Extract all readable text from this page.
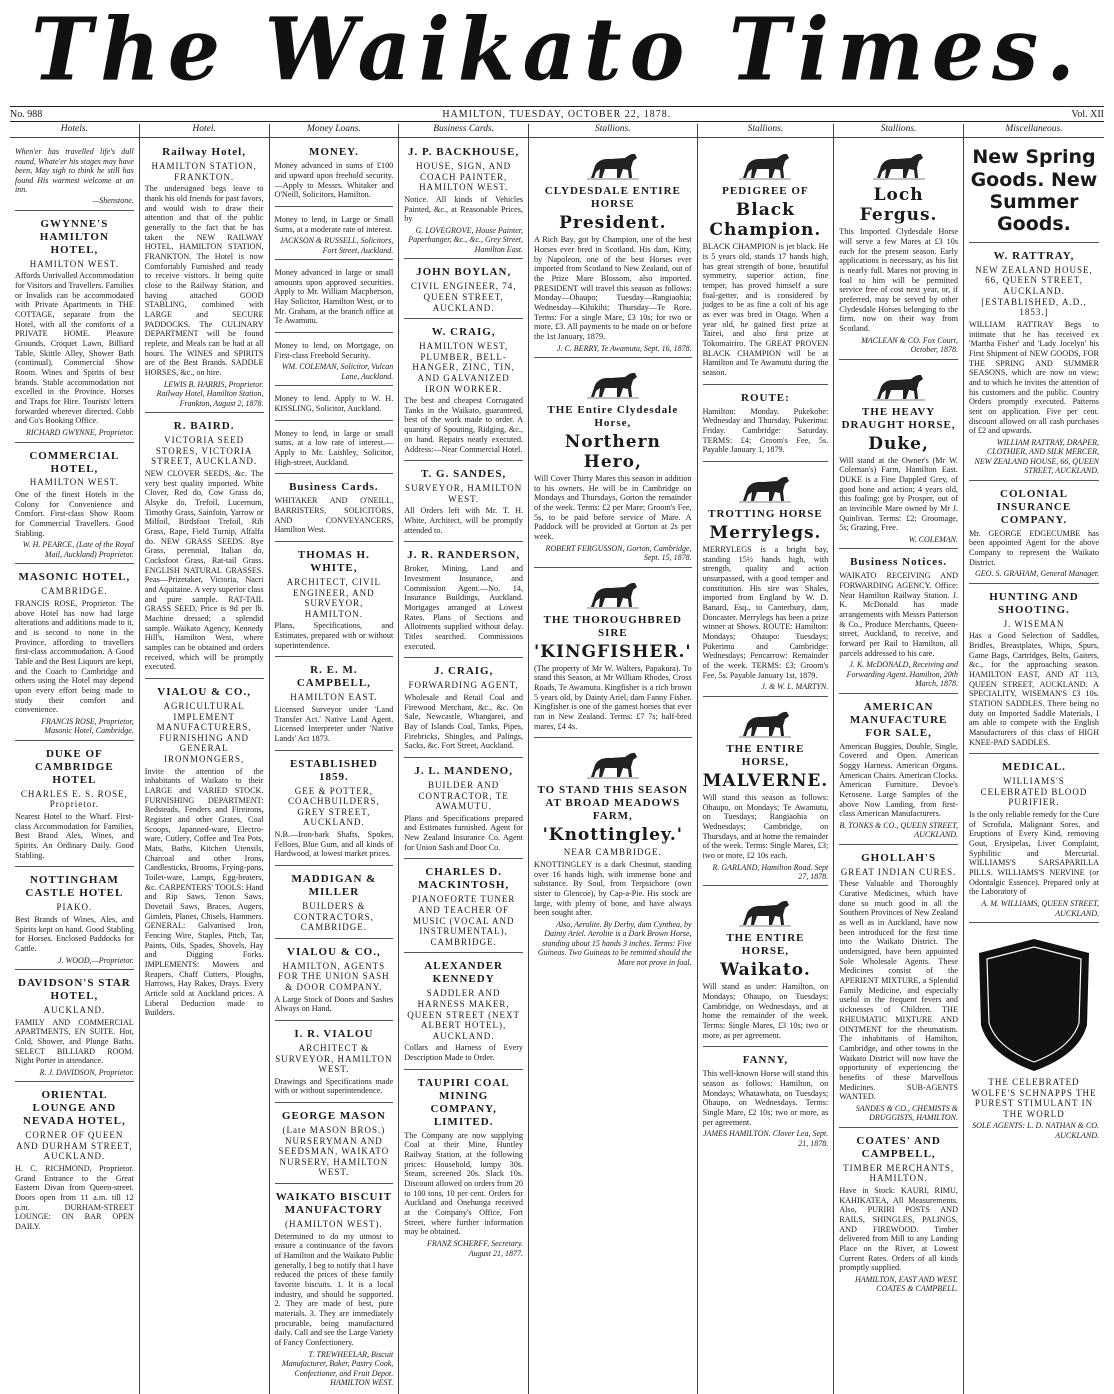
The Waikato Times.
No. 988	HAMILTON, TUESDAY, OCTOBER 22, 1878.	Vol. XII
Hotels.
When'er has travelled life's dull round, Whate'er his stages may have been, May sigh to think he still has found His warmest welcome at an inn.
—Shenstone.
GWYNNE'S HAMILTON HOTEL,
HAMILTON WEST.
Affords Unrivalled Accommodation for Visitors and Travellers. Families or Invalids can be accommodated with Private Apartments in THE COTTAGE, separate from the Hotel, with all the comforts of a PRIVATE HOME. Pleasure Grounds, Croquet Lawn, Billiard Table, Skittle Alley, Shower Bath (continual), Commercial Show Room. Wines and Spirits of best brands. Stable accommodation not excelled in the Province. Horses and Traps for Hire. Tourists' letters forwarded wherever directed. Cobb and Co's Booking Office.
RICHARD GWYNNE, Proprietor.
COMMERCIAL HOTEL,
HAMILTON WEST.
One of the finest Hotels in the Colony for Convenience and Comfort. First-class Show Room for Commercial Travellers. Good Stabling.
W. H. PEARCE, (Late of the Royal Mail, Auckland) Proprietor.
MASONIC HOTEL,
CAMBRIDGE.
FRANCIS ROSE, Proprietor. The above Hotel has now had large alterations and additions made to it, and is second to none in the Province, affording to travellers first-class accommodation. A Good Table and the Best Liquors are kept, and the Coach to Cambridge and others using the Hotel may depend upon every effort being made to study their comfort and convenience.
FRANCIS ROSE, Proprietor, Masonic Hotel, Cambridge.
DUKE OF CAMBRIDGE HOTEL
CHARLES E. S. ROSE, Proprietor.
Nearest Hotel to the Wharf. First-class Accommodation for Families, Best Brand Ales, Wines, and Spirits. An Ordinary Daily. Good Stabling.
NOTTINGHAM CASTLE HOTEL
PIAKO.
Best Brands of Wines, Ales, and Spirits kept on hand. Good Stabling for Horses. Enclosed Paddocks for Cattle.
J. WOOD,—Proprietor.
DAVIDSON'S STAR HOTEL,
AUCKLAND.
FAMILY AND COMMERCIAL APARTMENTS, EN SUITE. Hot, Cold, Shower, and Plunge Baths. SELECT BILLIARD ROOM. Night Porter in attendance.
R. J. DAVIDSON, Proprietor.
ORIENTAL LOUNGE AND NEVADA HOTEL,
CORNER OF QUEEN AND DURHAM STREET, AUCKLAND.
H. C. RICHMOND, Proprietor. Grand Entrance to the Great Eastern Divan from Queen-street. Doors open from 11 a.m. till 12 p.m. DURHAM-STREET LOUNGE: ON BAR OPEN DAILY.
Hotel.
Railway Hotel,
HAMILTON STATION, FRANKTON.
The undersigned begs leave to thank his old friends for past favors, and would wish to draw their attention and that of the public generally to the fact that he has taken the NEW RAILWAY HOTEL, HAMILTON STATION, FRANKTON. The Hotel is now Comfortably Furnished and ready to receive visitors. It being quite close to the Railway Station, and having attached GOOD STABLING, combined with LARGE and SECURE PADDOCKS. The CULINARY DEPARTMENT will be found replete, and Meals can be had at all hours. The WINES and SPIRITS are of the Best Brands. SADDLE HORSES, &c., on hire.
LEWIS B. HARRIS, Proprietor. Railway Hotel, Hamilton Station, Frankton, August 2, 1878.
R. BAIRD.
VICTORIA SEED STORES, VICTORIA STREET, AUCKLAND.
NEW CLOVER SEEDS, &c. The very best quality imported. White Clover, Red do, Cow Grass do, Alsyke do, Trefoil, Lucernum, Timothy Grass, Sainfoin, Yarrow or Milfoil, Birdsfoot Trefoil, Rib Grass, Rape, Field Turnip, Alfalfa do. NEW GRASS SEEDS. Rye Grass, perennial, Italian do, Cocksfoot Grass, Rat-tail Grass. ENGLISH NATURAL GRASSES. Peas—Prizetaker, Victoria, Nacri and Aquitaine. A very superior class and pure sample. RAT-TAIL GRASS SEED, Price is 9d per lb. Machine dressed; a splendid sample. Waikato Agency, Kennedy Hill's, Hamilton West, where samples can be obtained and orders received, which will be promptly executed.
VIALOU & CO.,
AGRICULTURAL IMPLEMENT MANUFACTURERS, FURNISHING AND GENERAL IRONMONGERS,
Invite the attention of the inhabitants of Waikato to their LARGE and VARIED STOCK. FURNISHING DEPARTMENT: Bedsteads, Fenders and Fireirons, Register and other Grates, Coal Scoops, Japanned-ware, Electro-ware, Cutlery, Coffee and Tea Pots, Mats, Baths, Kitchen Utensils, Charcoal and other Irons, Candlesticks, Brooms, Frying-pans, Toilet-ware, Lamps, Egg-beaters, &c. CARPENTERS' TOOLS: Hand and Rip Saws, Tenon Saws, Dovetail Saws, Braces, Augers, Gimlets, Planes, Chisels, Hammers. GENERAL: Galvanised Iron, Fencing Wire, Staples, Pitch, Tar, Paints, Oils, Spades, Shovels, Hay and Digging Forks. IMPLEMENTS: Mowers and Reapers, Chaff Cutters, Ploughs, Harrows, Hay Rakes, Drays. Every Article sold at Auckland prices. A Liberal Deduction made to Builders.
Money Loans.
MONEY.
Money advanced in sums of £100 and upward upon freehold security.—Apply to Messrs. Whitaker and O'Neill, Solicitors, Hamilton.
Money to lend, in Large or Small Sums, at a moderate rate of interest.
JACKSON & RUSSELL, Solicitors, Fort Street, Auckland.
Money advanced in large or small amounts upon approved securities. Apply to Mr. William Macpherson, Hay Solicitor, Hamilton West, or to Mr. Graham, at the branch office at Te Awamutu.
Money to lend, on Mortgage, on First-class Freehold Security.
WM. COLEMAN, Solicitor, Vulcan Lane, Auckland.
Money to lend. Apply to W. H. KISSLING, Solicitor, Auckland.
Money to lend, in large or small sums, at a low rate of interest.—Apply to Mr. Laishley, Solicitor, High-street, Auckland.
Business Cards.
WHITAKER AND O'NEILL, BARRISTERS, SOLICITORS, AND CONVEYANCERS, Hamilton West.
THOMAS H. WHITE,
ARCHITECT, CIVIL ENGINEER, AND SURVEYOR, HAMILTON.
Plans, Specifications, and Estimates, prepared with or without superintendence.
R. E. M. CAMPBELL,
HAMILTON EAST.
Licensed Surveyor under 'Land Transfer Act.' Native Land Agent. Licensed Interpreter under 'Native Lands' Act 1873.
ESTABLISHED 1859.
GEE & POTTER, COACHBUILDERS, GREY STREET, AUCKLAND.
N.B.—Iron-bark Shafts, Spokes, Felloes, Blue Gum, and all kinds of Hardwood, at lowest market prices.
MADDIGAN & MILLER
BUILDERS & CONTRACTORS, CAMBRIDGE.
VIALOU & CO.,
HAMILTON, AGENTS FOR THE UNION SASH & DOOR COMPANY.
A Large Stock of Doors and Sashes Always on Hand.
I. R. VIALOU
ARCHITECT & SURVEYOR, HAMILTON WEST.
Drawings and Specifications made with or without superintendence.
GEORGE MASON
(Late MASON BROS.) NURSERYMAN AND SEEDSMAN, WAIKATO NURSERY, HAMILTON WEST.
WAIKATO BISCUIT MANUFACTORY
(HAMILTON WEST).
Determined to do my utmost to ensure a continuance of the favors of Hamilton and the Waikato Public generally, I beg to notify that I have reduced the prices of these family favorite biscuits. 1. It is a local industry, and should be supported. 2. They are made of best, pure materials. 3. They are immediately procurable, being manufactured daily. Call and see the Large Variety of Fancy Confectionery.
T. TREWHEELAR, Biscuit Manufacturer, Baker, Pastry Cook, Confectioner, and Fruit Depot. HAMILTON WEST.
Business Cards.
J. P. BACKHOUSE,
HOUSE, SIGN, AND COACH PAINTER, HAMILTON WEST.
Notice. All kinds of Vehicles Painted, &c., at Reasonable Prices, by
G. LOVEGROVE, House Painter, Paperhanger, &c., &c., Grey Street, Hamilton East.
JOHN BOYLAN,
CIVIL ENGINEER, 74, QUEEN STREET, AUCKLAND.
W. CRAIG,
HAMILTON WEST, PLUMBER, BELL-HANGER, ZINC, TIN, AND GALVANIZED IRON WORKER.
The best and cheapest Corrugated Tanks in the Waikato, guaranteed, best of the work made to order. A quantity of Spouting, Ridging, &c., on hand. Repairs neatly executed. Address:—Near Commercial Hotel.
T. G. SANDES,
SURVEYOR, HAMILTON WEST.
All Orders left with Mr. T. H. White, Architect, will be promptly attended to.
J. R. RANDERSON,
Broker, Mining, Land and Investment Insurance, and Commission Agent.—No. 14, Insurance Buildings, Auckland. Mortgages arranged at Lowest Rates. Plans of Sections and Allotments supplied without delay. Titles searched. Commissions executed.
J. CRAIG,
FORWARDING AGENT,
Wholesale and Retail Coal and Firewood Merchant, &c., &c. On Sale, Newcastle, Whangarei, and Bay of Islands Coal, Tanks, Pipes, Firebricks, Shingles, and Palings, Sacks, &c. Fort Street, Auckland.
J. L. MANDENO,
BUILDER AND CONTRACTOR, TE AWAMUTU.
Plans and Specifications prepared and Estimates furnished. Agent for New Zealand Insurance Co. Agent for Union Sash and Door Co.
CHARLES D. MACKINTOSH,
PIANOFORTE TUNER AND TEACHER OF MUSIC (VOCAL AND INSTRUMENTAL), CAMBRIDGE.
ALEXANDER KENNEDY
SADDLER AND HARNESS MAKER, QUEEN STREET (NEXT ALBERT HOTEL), AUCKLAND.
Collars and Harness of Every Description Made to Order.
TAUPIRI COAL MINING COMPANY, LIMITED.
The Company are now supplying Coal at their Mine, Huntley Railway Station, at the following prices: Household, lumpy 30s. Steam, screened 20s. Slack 10s. Discount allowed on orders from 20 to 100 tons, 10 per cent. Orders for Auckland and Onehunga received at the Company's Office, Fort Street, where further information may be obtained.
FRANZ SCHERFF, Secretary. August 21, 1877.
Stallions.
CLYDESDALE ENTIRE HORSE
President.
A Rich Bay, got by Champion, one of the best Horses ever bred in Scotland. His dam, Kitty, by Napoleon, one of the best Horses ever imported from Scotland to New Zealand, out of the Prize Mare Blossom, also imported. PRESIDENT will travel this season as follows: Monday—Ohaupo; Tuesday—Rangiaohia; Wednesday—Kihikihi; Thursday—Te Rore. Terms: For a single Mare, £3 10s; for two or more, £3. All payments to be made on or before the 1st January, 1879.
J. C. BERRY, Te Awamutu, Sept. 16, 1878.
THE Entire Clydesdale Horse,
Northern Hero,
Will Cover Thirty Mares this season in addition to his owners. He will be in Cambridge on Mondays and Thursdays, Gorton the remainder of the week. Terms: £2 per Mare; Groom's Fee, 5s, to be paid before service of Mare. A Paddock will be provided at Gorton at 2s per week.
ROBERT FERGUSSON, Gorton, Cambridge, Sept. 15, 1878.
THE THOROUGHBRED SIRE
'KINGFISHER.'
(The property of Mr W. Walters, Papakura). To stand this Season, at Mr William Rhodes, Cross Roads, Te Awamutu. Kingfisher is a rich brown 5 years old, by Dainty Ariel, dam Fanny Fisher. Kingfisher is one of the gamest horses that ever ran in New Zealand. Terms: £7 7s; half-bred mares, £4 4s.
TO STAND THIS SEASON AT BROAD MEADOWS FARM,
'Knottingley.'
NEAR CAMBRIDGE.
KNOTTINGLEY is a dark Chestnut, standing over 16 hands high, with immense bone and substance. By Soul, from Terpsichore (own sister to Glencoe), by Cap-a-Pie. His stock are large, with plenty of bone, and have always been sought after.
Also, Aerolite. By Derby, dam Cynthea, by Dainty Ariel. Aerolite is a Dark Brown Horse, standing about 15 hands 3 inches. Terms: Five Guineas. Two Guineas to be remitted should the Mare not prove in foal.
Stallions.
PEDIGREE OF
Black Champion.
BLACK CHAMPION is jet black. He is 5 years old, stands 17 hands high, has great strength of bone, beautiful symmetry, superior action, fine temper, has proved himself a sure foal-getter, and is considered by judges to be as fine a colt of his age as ever was bred in Otago. When a year old, he gained first prize at Tairei, and also first prize at Tokomairiro. The GREAT PROVEN BLACK CHAMPION will be at Hamilton and Te Awamutu during the season.
ROUTE:
Hamilton: Monday. Pukekohe: Wednesday and Thursday. Pukerimu: Friday. Cambridge: Saturday. TERMS: £4; Groom's Fee, 5s. Payable January 1, 1879.
TROTTING HORSE
Merrylegs.
MERRYLEGS is a bright bay, standing 15½ hands high, with strength, quality and action unsurpassed, with a good temper and constitution. His sire was Shales, imported from England by W. D. Banard, Esq., to Canterbury, dam, Doncaster. Merrylegs has been a prize winner at Shows. ROUTE: Hamilton: Mondays; Ohaupo: Tuesdays; Pukerimu and Cambridge: Wednesdays; Pencarrow: Remainder of the week. TERMS: £3; Groom's Fee, 5s. Payable January 1st, 1879.
J. & W. L. MARTYN.
THE ENTIRE HORSE,
MALVERNE.
Will stand this season as follows: Ohaupo, on Mondays; Te Awamutu, on Tuesdays; Rangiaohia on Wednesdays; Cambridge, on Thursdays, and at home the remainder of the week. Terms: Single Mares, £3; two or more, £2 10s each.
R. GARLAND, Hamilton Road. Sept 27, 1878.
THE ENTIRE HORSE,
Waikato.
Will stand as under: Hamilton, on Mondays; Ohaupo, on Tuesdays; Cambridge, on Wednesdays, and at home the remainder of the week. Terms: Single Mares, £3 10s; two or more, as per agreement.
FANNY,
This well-known Horse will stand this season as follows: Hamilton, on Mondays; Whatawhata, on Tuesdays; Ohaupo, on Wednesdays. Terms: Single Mare, £2 10s; two or more, as per agreement.
JAMES HAMILTON. Clover Lea, Sept. 21, 1878.
Stallions.
Loch Fergus.
This Imported Clydesdale Horse will serve a few Mares at £3 10s each for the present season. Early applications is necessary, as his list is nearly full. Mares not proving in foal to him will be permitted service free of cost next year, or, if preferred, may be served by other Clydesdale Horses belonging to the firm, now on their way from Scotland.
MACLEAN & CO. Fox Court, October, 1878.
THE HEAVY DRAUGHT HORSE,
Duke,
Will stand at the Owner's (Mr W. Coleman's) Farm, Hamilton East. DUKE is a Fine Dappled Grey, of good bone and action; 4 years old, this foaling; got by Prosper, out of an invincible Mare owned by Mr J. Quinlivan. Terms: £2; Groomage, 5s; Grazing, Free.
W. COLEMAN.
Business Notices.
WAIKATO RECEIVING AND FORWARDING AGENCY. Office: Near Hamilton Railway Station. J. K. McDonald has made arrangements with Messrs Patterson & Co., Produce Merchants, Queen-street, Auckland, to receive, and forward per Rail to Hamilton, all parcels addressed to his care.
J. K. McDONALD, Receiving and Forwarding Agent. Hamilton, 20th March, 1878.
AMERICAN MANUFACTURE FOR SALE,
American Buggies, Double, Single, Covered and Open. American Soggy Harness. American Organs. American Chairs. American Clocks. American Furniture. Devoe's Kerosene. Large Samples of the above Now Landing, from first-class American Manufacturers.
B. TONKS & CO., QUEEN STREET, AUCKLAND.
GHOLLAH'S
GREAT INDIAN CURES.
These Valuable and Thoroughly Curative Medicines, which have done so much good in all the Southern Provinces of New Zealand as well as in Auckland, have now been introduced for the first time into the Waikato District. The undersigned, have been appointed Sole Wholesale Agents. These Medicines consist of the APERIENT MIXTURE, a Splendid Family Medicine, and especially useful in the frequent fevers and sicknesses of Children. THE RHEUMATIC MIXTURE AND OINTMENT for the rheumatism. The inhabitants of Hamilton, Cambridge, and other towns in the Waikato District will now have the opportunity of experiencing the benefits of these Marvellous Medicines. SUB-AGENTS WANTED.
SANDES & CO., CHEMISTS & DRUGGISTS, HAMILTON.
COATES' AND CAMPBELL,
TIMBER MERCHANTS, HAMILTON.
Have in Stock: KAURI, RIMU, KAHIKATEA, All Measurements. Also, PURIRI POSTS AND RAILS, SHINGLES, PALINGS, AND FIREWOOD. Timber delivered from Mill to any Landing Place on the River, at Lowest Current Rates. Orders of all kinds promptly supplied.
HAMILTON, EAST AND WEST. COATES & CAMPBELL.
Miscellaneous.
New Spring Goods. New Summer Goods.
W. RATTRAY,
NEW ZEALAND HOUSE, 66, QUEEN STREET, AUCKLAND. [ESTABLISHED, A.D., 1853.]
WILLIAM RATTRAY Begs to intimate that he has received ex 'Martha Fisher' and 'Lady Jocelyn' his First Shipment of NEW GOODS, FOR THE SPRING AND SUMMER SEASONS, which are now on view; and to which he invites the attention of his customers and the public. Country Orders promptly executed. Patterns sent on application. Five per cent. discount allowed on all cash purchases of £2 and upwards.
WILLIAM RATTRAY, DRAPER, CLOTHIER, AND SILK MERCER, NEW ZEALAND HOUSE, 66, QUEEN STREET, AUCKLAND.
COLONIAL INSURANCE COMPANY.
Mr. GEORGE EDGECUMBE has been appointed Agent for the above Company to represent the Waikato District.
GEO. S. GRAHAM, General Manager.
HUNTING AND SHOOTING.
J. WISEMAN
Has a Good Selection of Saddles, Bridles, Breastplates, Whips, Spurs, Game Bags, Cartridges, Belts, Gaiters, &c., for the approaching season. HAMILTON EAST, AND AT 113, QUEEN STREET, AUCKLAND. A SPECIALITY, WISEMAN'S £3 10s. STATION SADDLES. There being no duty on Imported Saddle Materials, I am able to compete with the English Manufacturers of this class of HIGH KNEE-PAD SADDLES.
MEDICAL.
WILLIAMS'S CELEBRATED BLOOD PURIFIER.
Is the only reliable remedy for the Cure of Scrofula, Malignant Sores, and Eruptions of Every Kind, removing Gout, Erysipelas, Liver Complaint, Syphilitic and Mercurial. WILLIAMS'S SARSAPARILLA PILLS. WILLIAMS'S NERVINE (or Odontalgic Essence). Prepared only at the Laboratory of
A. M. WILLIAMS, QUEEN STREET, AUCKLAND.
THE CELEBRATED WOLFE'S SCHNAPPS THE PUREST STIMULANT IN THE WORLD
SOLE AGENTS: L. D. NATHAN & CO. AUCKLAND.
